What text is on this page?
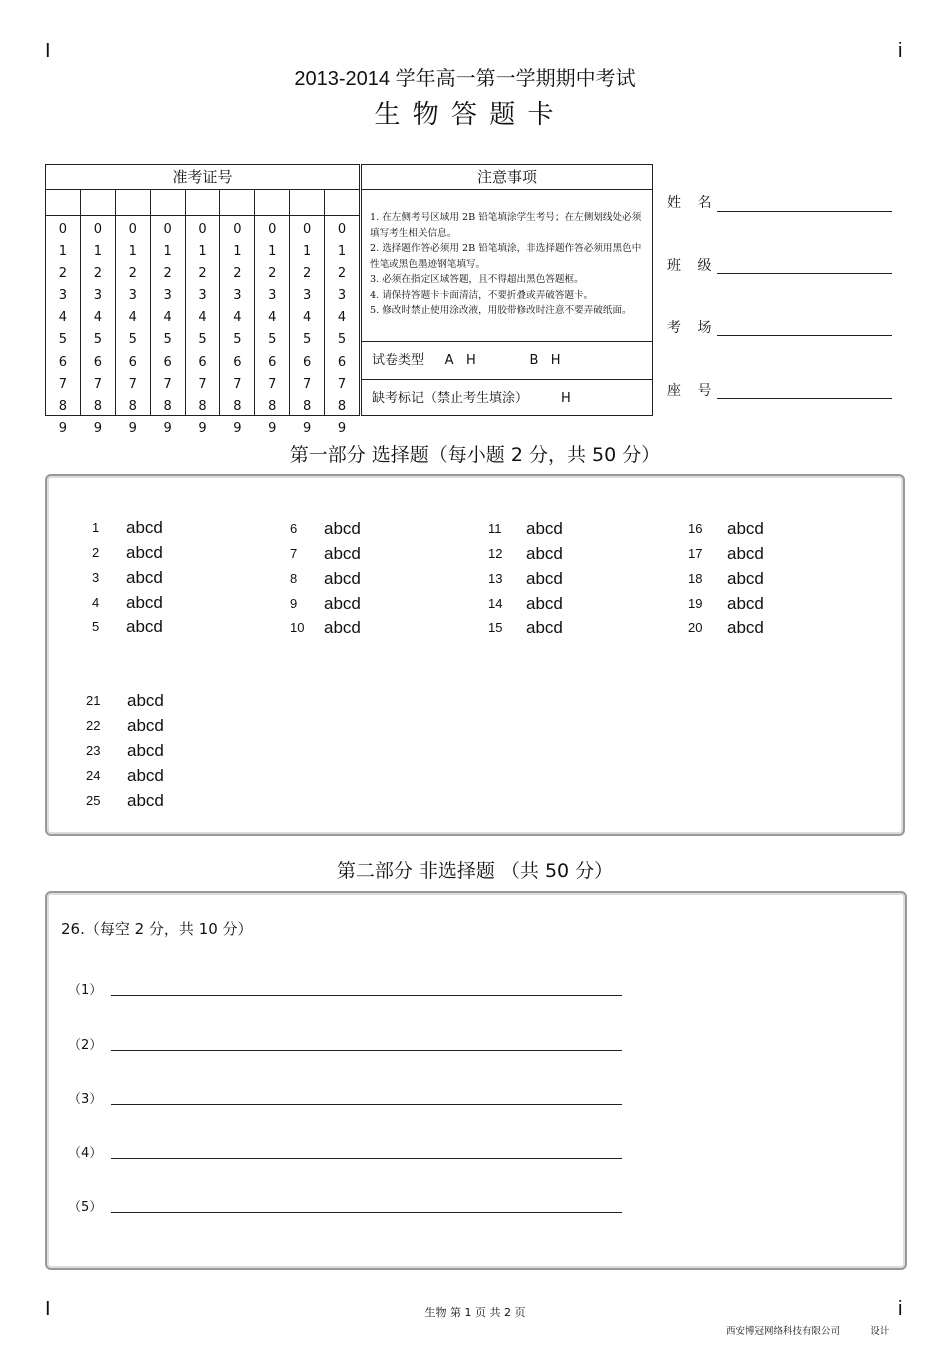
I	i
I	i
2013-2014 学年高一第一学期期中考试
生 物 答 题 卡
准考证号
0
1
2
3
4
5
6
7
8
9
0
1
2
3
4
5
6
7
8
9
0
1
2
3
4
5
6
7
8
9
0
1
2
3
4
5
6
7
8
9
0
1
2
3
4
5
6
7
8
9
0
1
2
3
4
5
6
7
8
9
0
1
2
3
4
5
6
7
8
9
0
1
2
3
4
5
6
7
8
9
0
1
2
3
4
5
6
7
8
9
注意事项
1. 在左侧考号区域用 2B 铅笔填涂学生考号；在左侧划线处必须填写考生相关信息。
2. 选择题作答必须用 2B 铅笔填涂，非选择题作答必须用黑色中性笔或黑色墨迹钢笔填写。
3. 必须在指定区域答题，且不得超出黑色答题框。
4. 请保持答题卡卡面清洁，不要折叠或弄破答题卡。
5. 修改时禁止使用涂改液，用胶带修改时注意不要弄破纸面。
试卷类型     A   H             B   H
缺考标记（禁止考生填涂）        H
姓 名
班 级
考 场
座 号
第一部分 选择题（每小题 2 分，共 50 分）
1 abcd
2 abcd
3 abcd
4 abcd
5 abcd
6 abcd
7 abcd
8 abcd
9 abcd
10 abcd
11 abcd
12 abcd
13 abcd
14 abcd
15 abcd
16 abcd
17 abcd
18 abcd
19 abcd
20 abcd
21 abcd
22 abcd
23 abcd
24 abcd
25 abcd
第二部分 非选择题 （共 50 分）
26.（每空 2 分，共 10 分）
（1）
（2）
（3）
（4）
（5）
生物 第 1 页 共 2 页
西安博冠网络科技有限公司          设计
